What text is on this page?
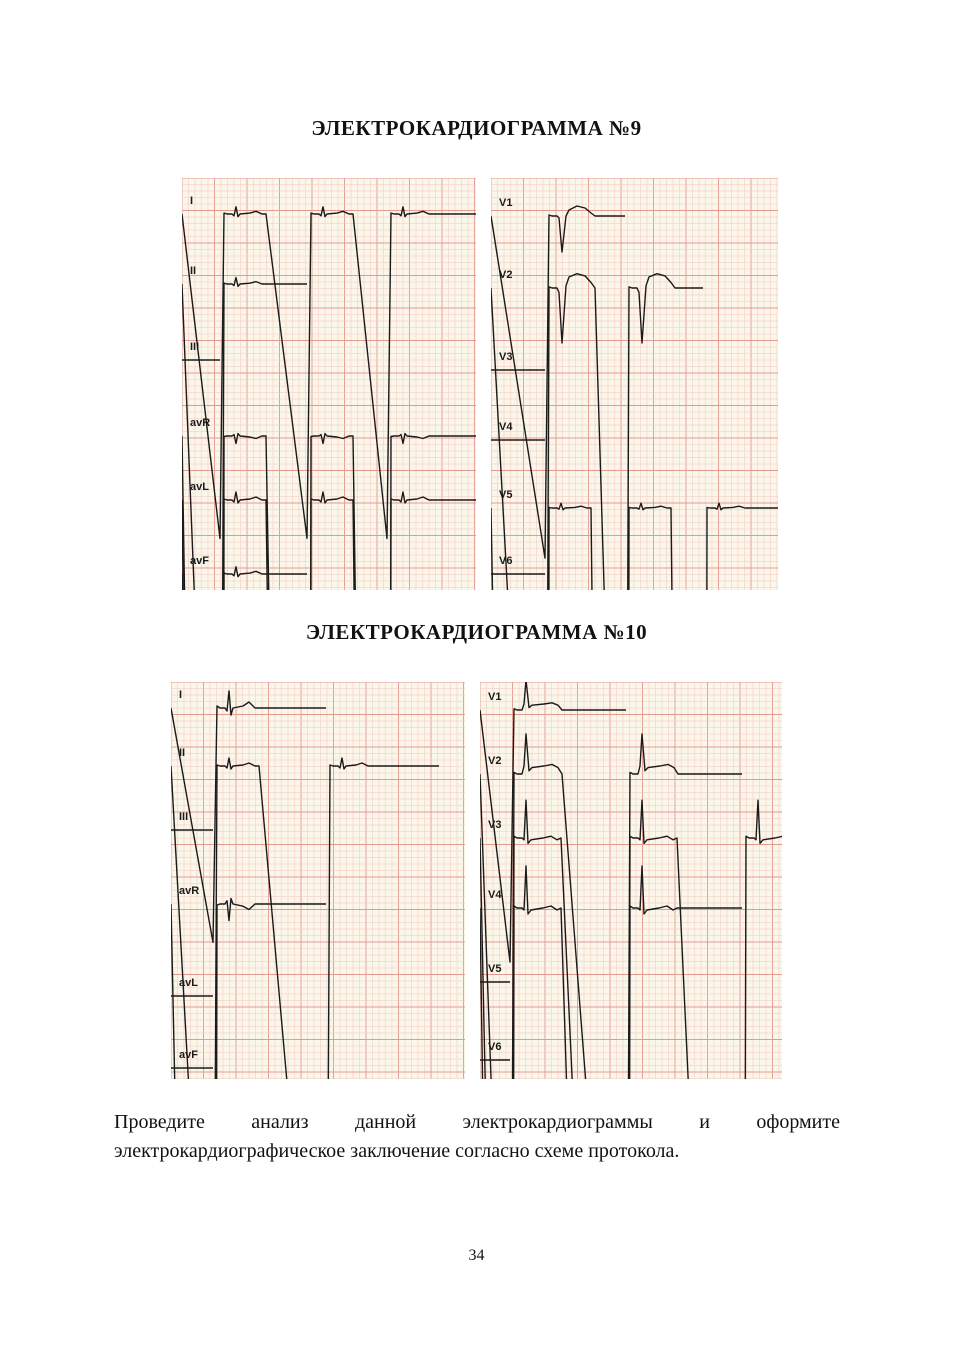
ЭЛЕКТРОКАРДИОГРАММА №9
I
II
III
avR
avL
avF
V1
V2
V3
V4
V5
V6
ЭЛЕКТРОКАРДИОГРАММА №10
I
II
III
avR
avL
avF
V1
V2
V3
V4
V5
V6
Проведите анализ данной электрокардиограммы и оформите электрокардиографическое заключение согласно схеме протокола.
34
